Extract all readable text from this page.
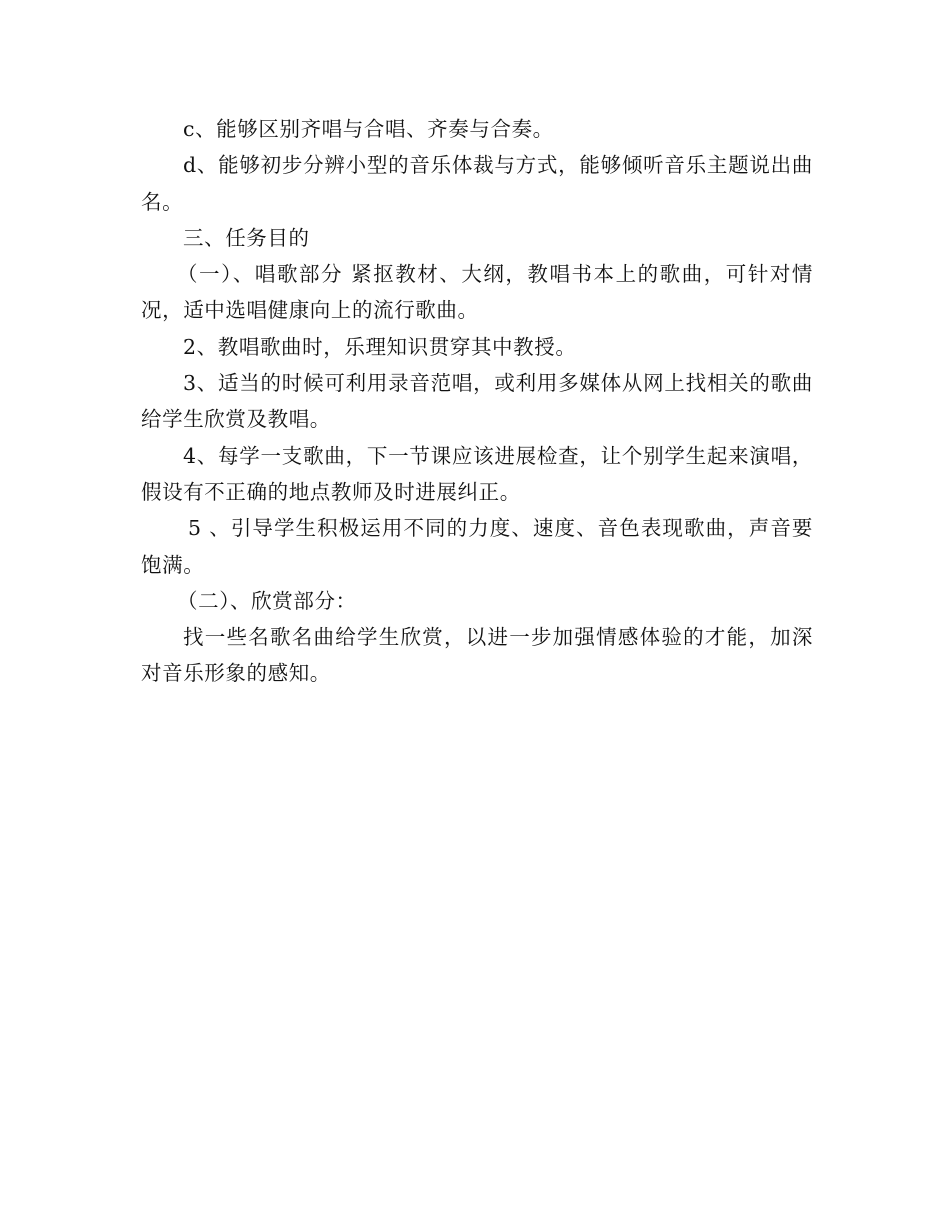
c、能够区别齐唱与合唱、齐奏与合奏。

d、能够初步分辨小型的音乐体裁与方式，能够倾听音乐主题说出曲名。

三、任务目的

（一）、唱歌部分 紧抠教材、大纲，教唱书本上的歌曲，可针对情况，适中选唱健康向上的流行歌曲。

2、教唱歌曲时，乐理知识贯穿其中教授。

3、适当的时候可利用录音范唱，或利用多媒体从网上找相关的歌曲给学生欣赏及教唱。

4、每学一支歌曲，下一节课应该进展检查，让个别学生起来演唱，假设有不正确的地点教师及时进展纠正。

5 、引导学生积极运用不同的力度、速度、音色表现歌曲，声音要饱满。

（二）、欣赏部分：

找一些名歌名曲给学生欣赏，以进一步加强情感体验的才能，加深对音乐形象的感知。
